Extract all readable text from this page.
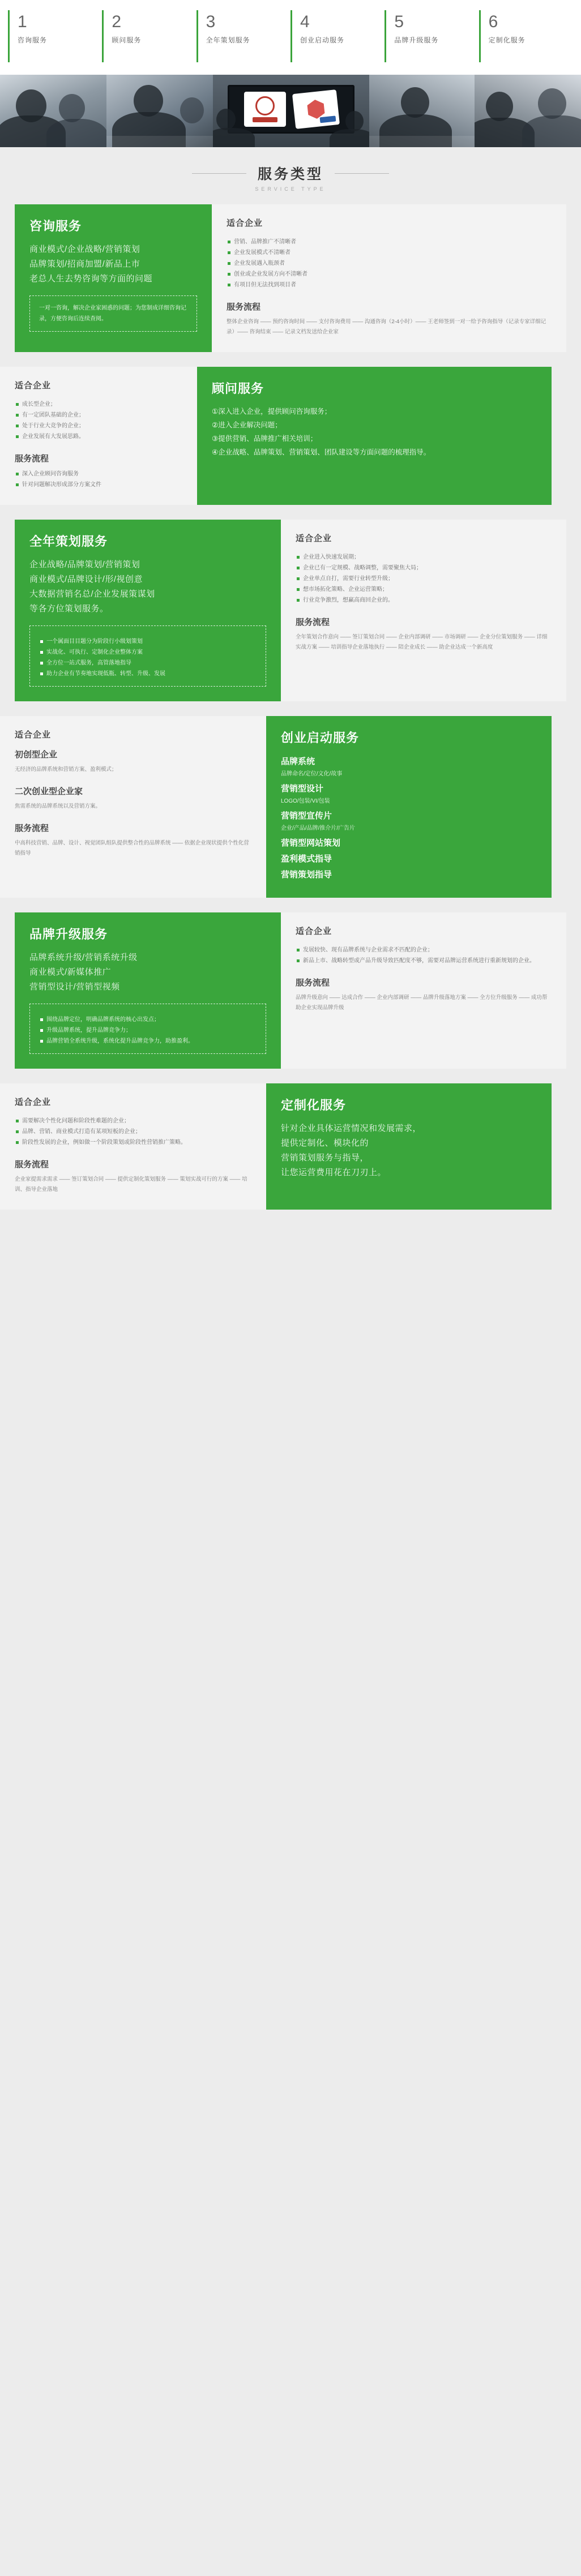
1
咨询服务
2
顾问服务
3
全年策划服务
4
创业启动服务
5
品牌升级服务
6
定制化服务
服务类型
SERVICE TYPE
咨询服务
商业模式/企业战略/营销策划
品牌策划/招商加盟/新品上市
老总人生去势咨询等方面的问题
一对一咨询，解决企业家困惑的问题；为您制成详细咨询记录，方便咨询后连续查阅。
适合企业
营销、品牌推广不清晰者
企业发展模式不清晰者
企业发展遇入瓶颈者
创业或企业发展方向不清晰者
有项目但无法找到项目者
服务流程
整体企业咨询 —— 预约咨询时间 —— 支付咨询费用 —— 沟通咨询（2-4小时）—— 王老师签到一对一给予咨询指导（记录专家详细记录）—— 咨询结束 —— 记录文档发送给企业家
适合企业
成长型企业；
有一定团队基础的企业；
处于行业大竞争的企业；
企业发展有大发展思路。
服务流程
深入企业顾问咨询服务
针对问题解决形成部分方案文件
顾问服务
①深入进入企业，提供顾问咨询服务；
②进入企业解决问题；
③提供营销、品牌推广相关培训；
④企业战略、品牌策划、营销策划、团队建设等方面问题的梳理指导。
全年策划服务
企业战略/品牌策划/营销策划
商业模式/品牌设计/形/视创意
大数据营销名总/企业发展策谋划
等各方位策划服务。
一个属面目目题分为阶段行小级划策划
实战化、可执行、定制化企业整体方案
全方位一站式服务，高管落地指导
助力企业有节奏地实现低瓶、转型、升级、发展
适合企业
企业进入快速发展期；
企业已有一定规模、战略调整，需要聚焦大局；
企业单点自打，需要行业转型升级；
想市场拓化策略、企业运营策略；
行业竞争激烈，想赢高商回企业的。
服务流程
全年策划合作意向 —— 签订策划合同 —— 企业内部调研 —— 市场调研 —— 企业分位策划服务 —— 详细实战方案 —— 培训指导企业落地执行 —— 陪企业成长 —— 助企业达成一个新高度
适合企业
初创型企业
无经济的品牌系统和营销方案、盈利模式；
二次创业型企业家
焦需系统的品牌系统以及营销方案。
服务流程
中高科技营销、品牌、设计、视觉团队组队提供整合性的品牌系统 —— 依据企业现状提供个性化营销指导
创业启动服务
品牌系统
品牌命名/定位/文化/故事
营销型设计
LOGO/包装/VI/包装
营销型宣传片
企业/产品/品牌/推介片/广告片
营销型网站策划
盈利模式指导
营销策划指导
品牌升级服务
品牌系统升级/营销系统升级
商业模式/新媒体推广
营销型设计/营销型视频
围绕品牌定位，明确品牌系统的核心出发点；
升级品牌系统，提升品牌竞争力；
品牌营销全系统升级，系统化提升品牌竞争力，助推盈利。
适合企业
发展较快、现有品牌系统与企业需求不匹配的企业；
新品上市、战略转型或产品升级导致匹配度不够，需要对品牌运营系统进行重新规划的企业。
服务流程
品牌升级意向 —— 达成合作 —— 企业内部调研 —— 品牌升级落地方案 —— 全方位升级服务 —— 成功帮助企业实现品牌升级
适合企业
需要解决个性化问题和阶段性难题的企业；
品牌、营销、商业模式打造有某项短板的企业；
阶段性发展的企业，例如做一个阶段策划或阶段性营销推广策略。
服务流程
企业家提需求需求 —— 签订策划合同 —— 提供定制化策划服务 —— 策划实战可行的方案 —— 培训、指导企业落地
定制化服务
针对企业具体运营情况和发展需求，
提供定制化、模块化的
营销策划服务与指导，
让您运营费用花在刀刃上。
